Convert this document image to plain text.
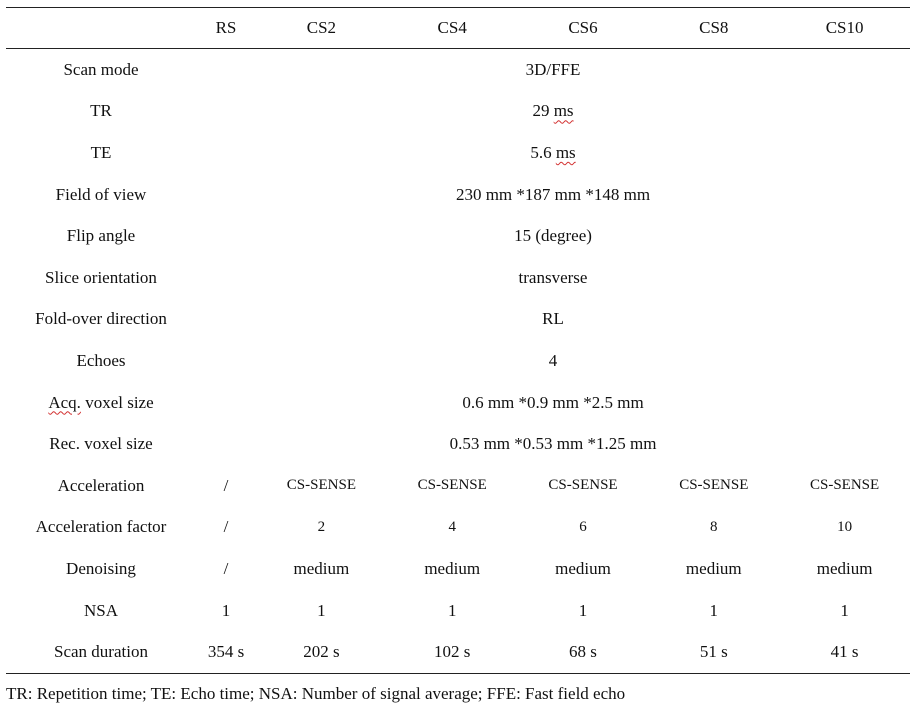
	RS	CS2	CS4	CS6	CS8	CS10
Scan mode	3D/FFE					
TR	29 ms					
TE	5.6 ms					
Field of view	230 mm *187 mm *148 mm					
Flip angle	15 (degree)					
Slice orientation	transverse					
Fold-over direction	RL					
Echoes	4					
Acq. voxel size	0.6 mm *0.9 mm *2.5 mm					
Rec. voxel size	0.53 mm *0.53 mm *1.25 mm					
Acceleration	/	CS-SENSE	CS-SENSE	CS-SENSE	CS-SENSE	CS-SENSE
Acceleration factor	/	2	4	6	8	10
Denoising	/	medium	medium	medium	medium	medium
NSA	1	1	1	1	1	1
Scan duration	354 s	202 s	102 s	68 s	51 s	41 s
TR: Repetition time; TE: Echo time; NSA: Number of signal average; FFE: Fast field echo
